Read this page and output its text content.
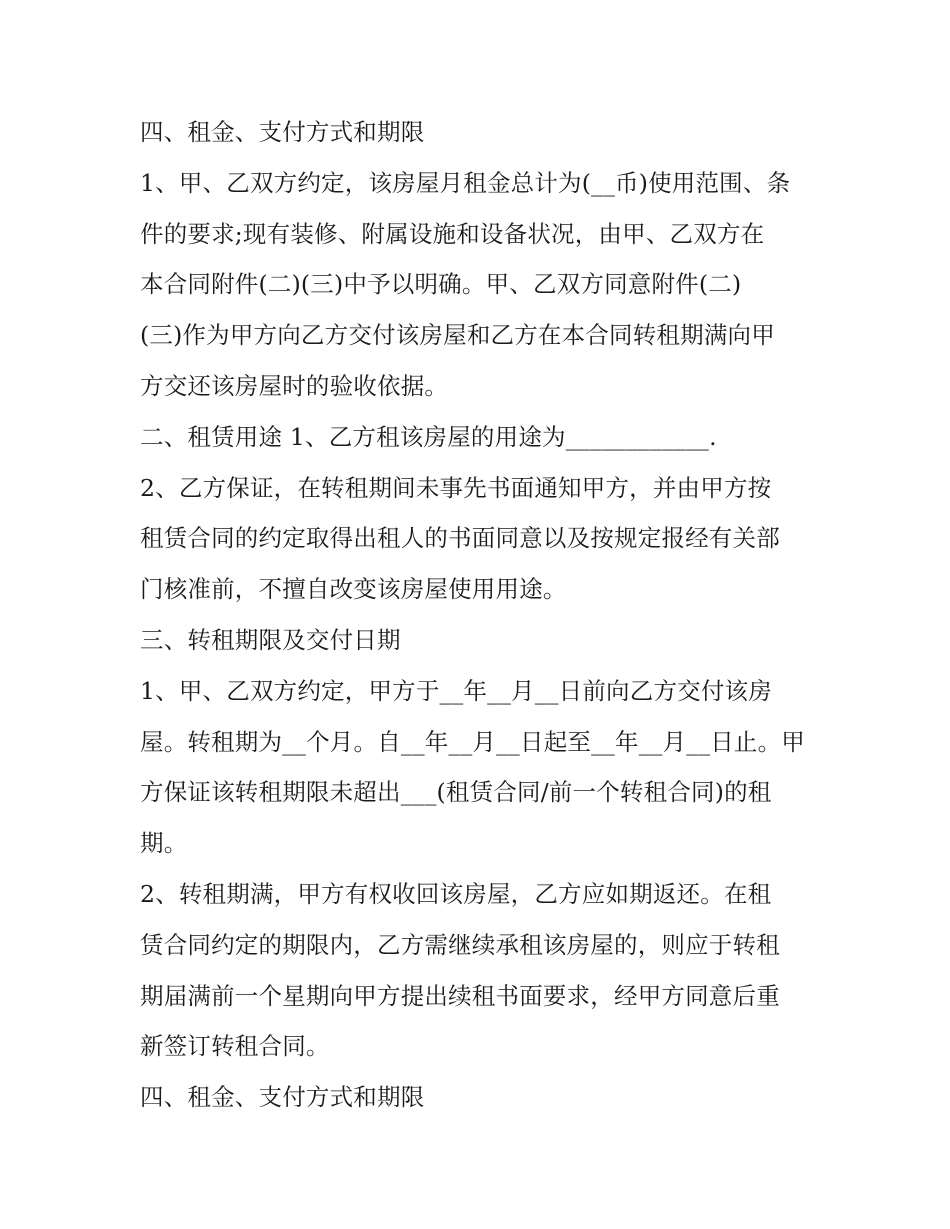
四、租金、支付方式和期限
1、甲、乙双方约定，该房屋月租金总计为(__币)使用范围、条
件的要求;现有装修、附属设施和设备状况，由甲、乙双方在
本合同附件(二)(三)中予以明确。甲、乙双方同意附件(二)
(三)作为甲方向乙方交付该房屋和乙方在本合同转租期满向甲
方交还该房屋时的验收依据。
二、租赁用途 1、乙方租该房屋的用途为____________.
2、乙方保证，在转租期间未事先书面通知甲方，并由甲方按
租赁合同的约定取得出租人的书面同意以及按规定报经有关部
门核准前，不擅自改变该房屋使用用途。
三、转租期限及交付日期
1、甲、乙双方约定，甲方于__年__月__日前向乙方交付该房
屋。转租期为__个月。自__年__月__日起至__年__月__日止。甲
方保证该转租期限未超出___(租赁合同/前一个转租合同)的租
期。
2、转租期满，甲方有权收回该房屋，乙方应如期返还。在租
赁合同约定的期限内，乙方需继续承租该房屋的，则应于转租
期届满前一个星期向甲方提出续租书面要求，经甲方同意后重
新签订转租合同。
四、租金、支付方式和期限
